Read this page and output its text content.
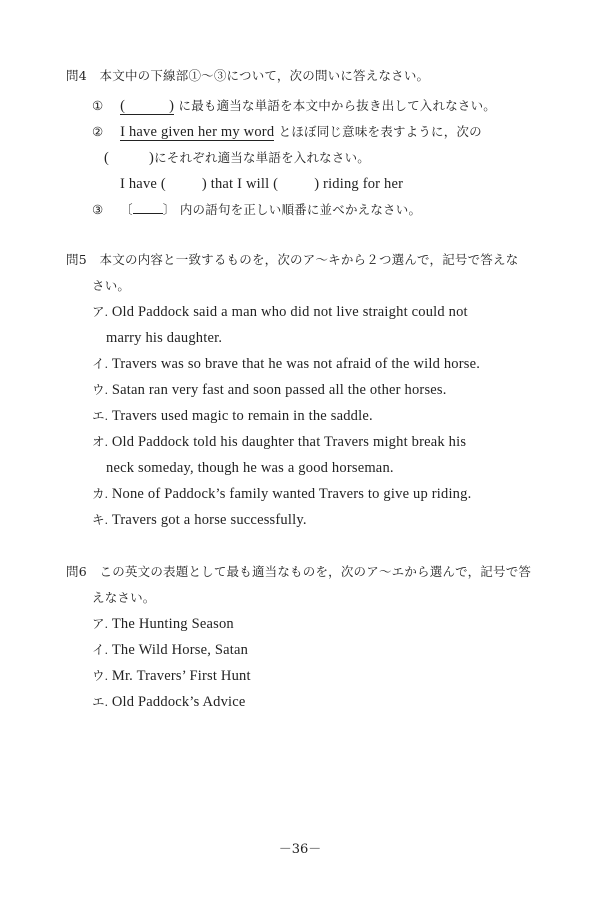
問4　本文中の下線部①～③について，次の問いに答えなさい。
① (	) に最も適当な単語を本文中から抜き出して入れなさい。
② I have given her my word とほぼ同じ意味を表すように，次の
(	)にそれぞれ適当な単語を入れなさい。
I have ( ) that I will ( ) riding for her
③ 〔 〕 内の語句を正しい順番に並べかえなさい。
問5　本文の内容と一致するものを，次のア～キから２つ選んで，記号で答えな
さい。
ア. Old Paddock said a man who did not live straight could not
marry his daughter.
イ. Travers was so brave that he was not afraid of the wild horse.
ウ. Satan ran very fast and soon passed all the other horses.
エ. Travers used magic to remain in the saddle.
オ. Old Paddock told his daughter that Travers might break his
neck someday, though he was a good horseman.
カ. None of Paddock’s family wanted Travers to give up riding.
キ. Travers got a horse successfully.
問6　この英文の表題として最も適当なものを，次のア～エから選んで，記号で答
えなさい。
ア. The Hunting Season
イ. The Wild Horse, Satan
ウ. Mr. Travers’ First Hunt
エ. Old Paddock’s Advice
－36－
